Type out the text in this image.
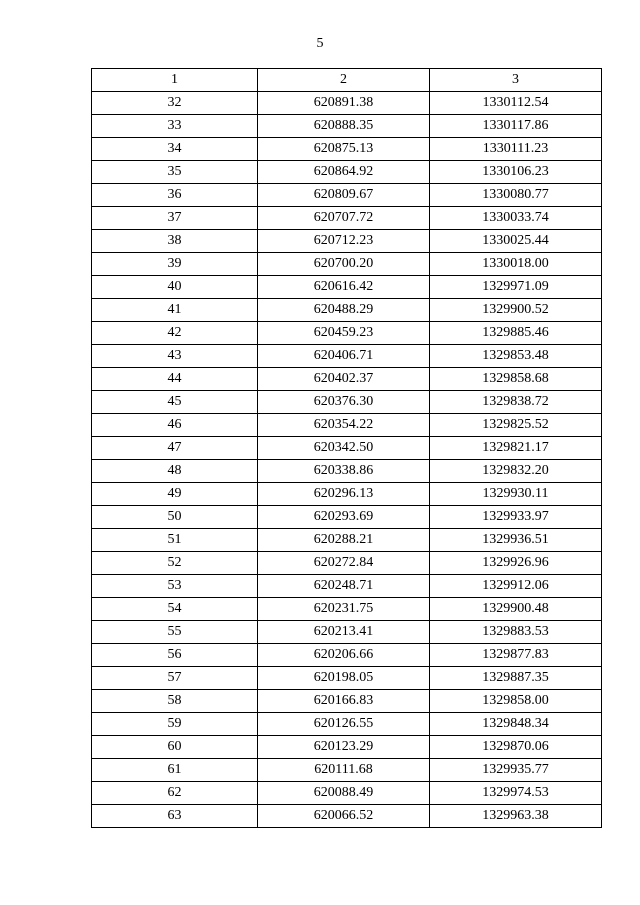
5
1	2	3
32	620891.38	1330112.54
33	620888.35	1330117.86
34	620875.13	1330111.23
35	620864.92	1330106.23
36	620809.67	1330080.77
37	620707.72	1330033.74
38	620712.23	1330025.44
39	620700.20	1330018.00
40	620616.42	1329971.09
41	620488.29	1329900.52
42	620459.23	1329885.46
43	620406.71	1329853.48
44	620402.37	1329858.68
45	620376.30	1329838.72
46	620354.22	1329825.52
47	620342.50	1329821.17
48	620338.86	1329832.20
49	620296.13	1329930.11
50	620293.69	1329933.97
51	620288.21	1329936.51
52	620272.84	1329926.96
53	620248.71	1329912.06
54	620231.75	1329900.48
55	620213.41	1329883.53
56	620206.66	1329877.83
57	620198.05	1329887.35
58	620166.83	1329858.00
59	620126.55	1329848.34
60	620123.29	1329870.06
61	620111.68	1329935.77
62	620088.49	1329974.53
63	620066.52	1329963.38
